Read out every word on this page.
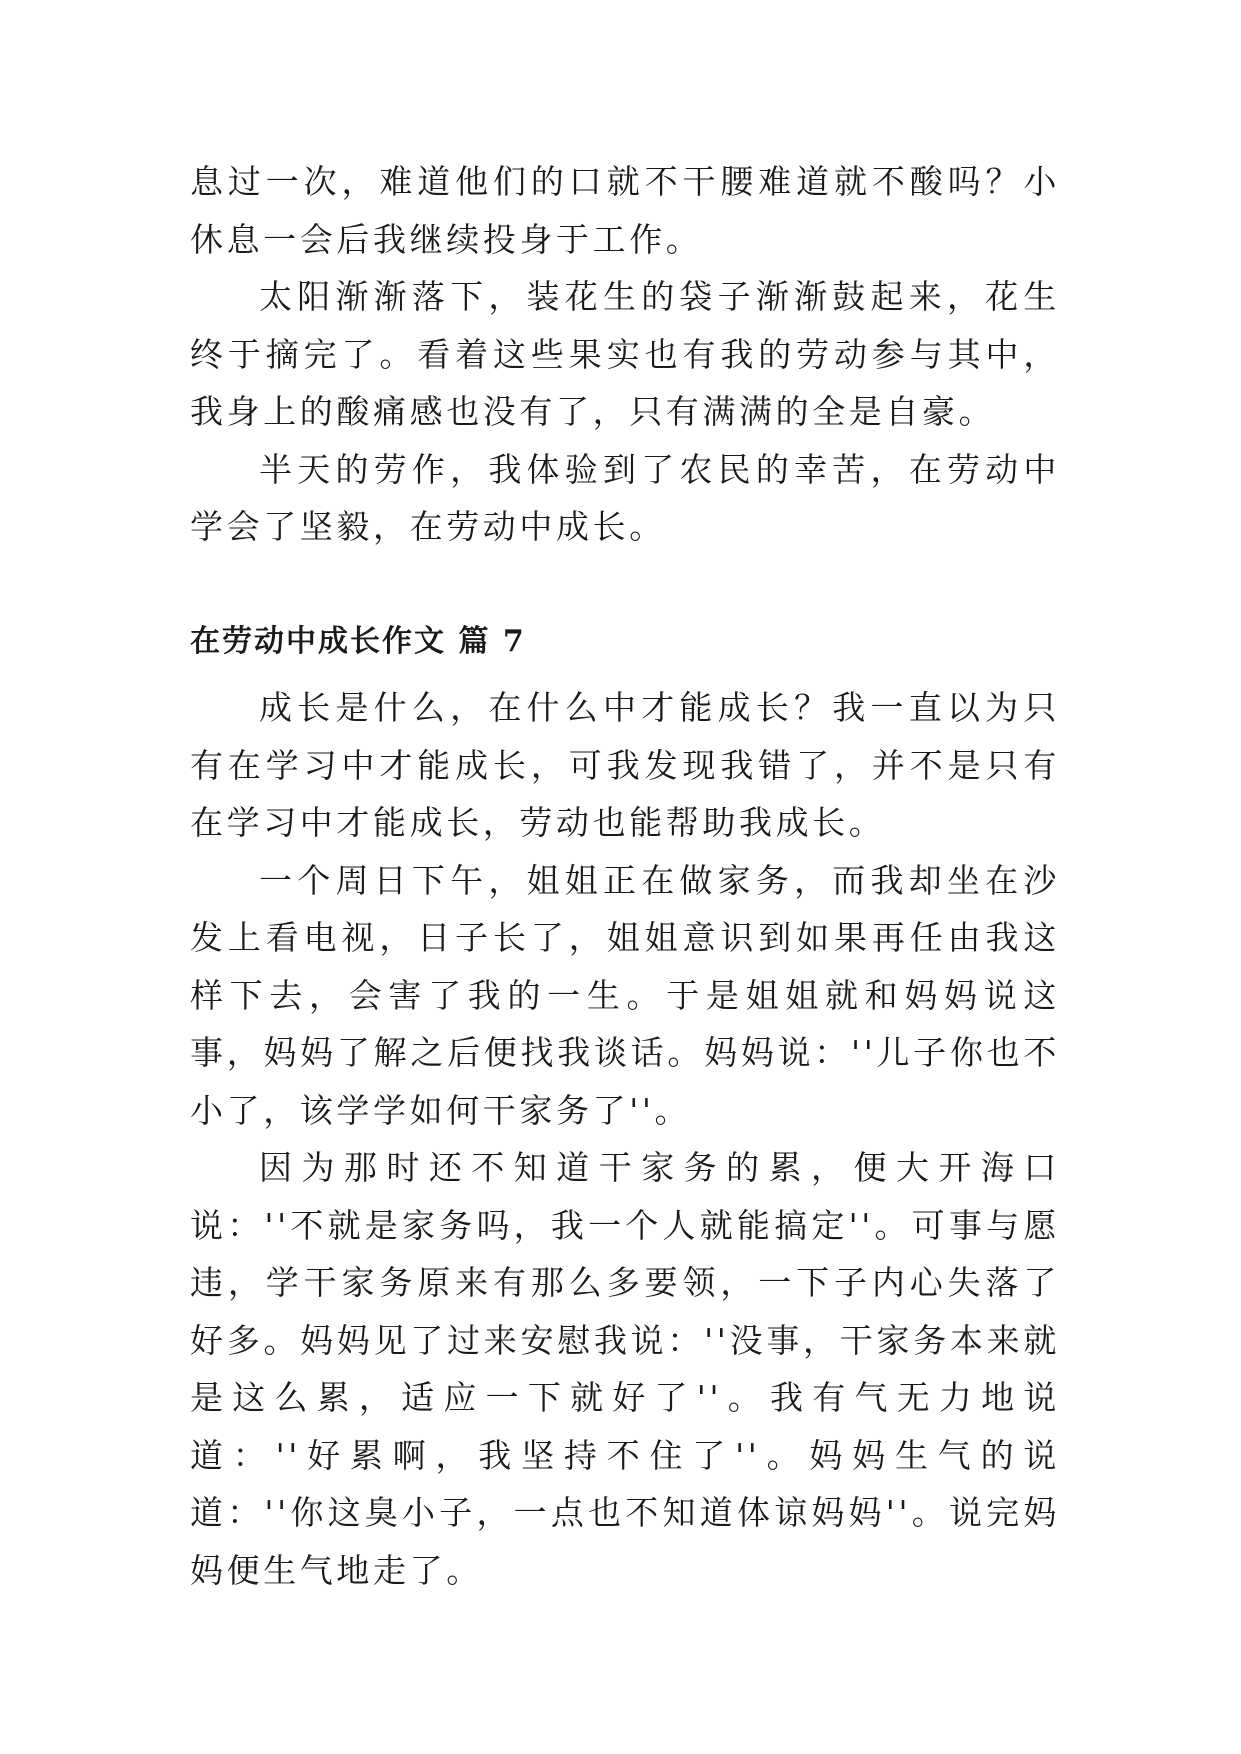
息过一次，难道他们的口就不干腰难道就不酸吗？小休息一会后我继续投身于工作。

太阳渐渐落下，装花生的袋子渐渐鼓起来，花生终于摘完了。看着这些果实也有我的劳动参与其中，我身上的酸痛感也没有了，只有满满的全是自豪。

半天的劳作，我体验到了农民的幸苦，在劳动中学会了坚毅，在劳动中成长。

在劳动中成长作文 篇 7

成长是什么，在什么中才能成长？我一直以为只有在学习中才能成长，可我发现我错了，并不是只有在学习中才能成长，劳动也能帮助我成长。

一个周日下午，姐姐正在做家务，而我却坐在沙发上看电视，日子长了，姐姐意识到如果再任由我这样下去，会害了我的一生。于是姐姐就和妈妈说这事，妈妈了解之后便找我谈话。妈妈说：''儿子你也不小了，该学学如何干家务了''。

因为那时还不知道干家务的累，便大开海口说：''不就是家务吗，我一个人就能搞定''。可事与愿违，学干家务原来有那么多要领，一下子内心失落了好多。妈妈见了过来安慰我说：''没事，干家务本来就是这么累，适应一下就好了''。我有气无力地说道：''好累啊，我坚持不住了''。妈妈生气的说道：''你这臭小子，一点也不知道体谅妈妈''。说完妈妈便生气地走了。
